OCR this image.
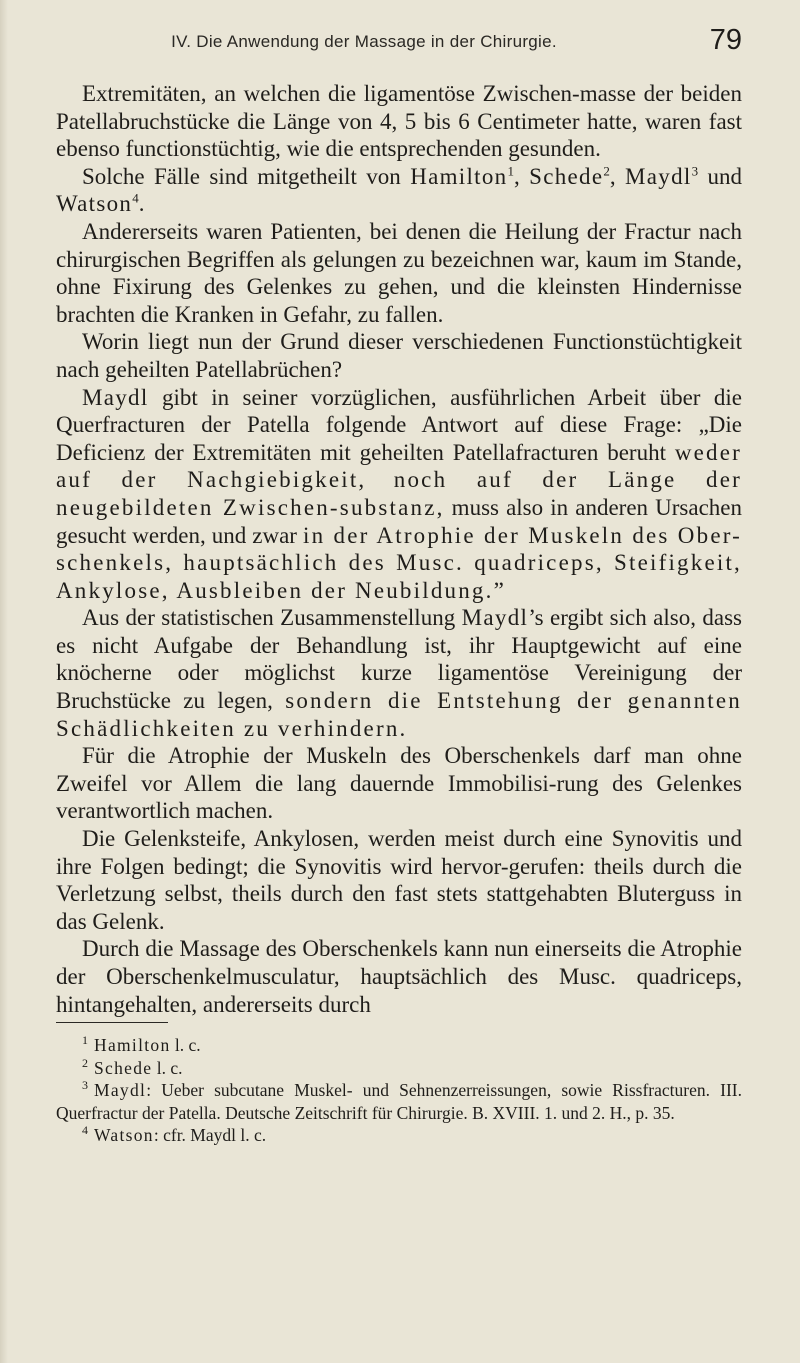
IV. Die Anwendung der Massage in der Chirurgie.	79

Extremitäten, an welchen die ligamentöse Zwischen-masse der beiden Patellabruchstücke die Länge von 4, 5 bis 6 Centimeter hatte, waren fast ebenso functionstüchtig, wie die entsprechenden gesunden.

Solche Fälle sind mitgetheilt von Hamilton$^1$, Schede$^2$, Maydl$^3$ und Watson$^4$.

Andererseits waren Patienten, bei denen die Heilung der Fractur nach chirurgischen Begriffen als gelungen zu bezeichnen war, kaum im Stande, ohne Fixirung des Gelenkes zu gehen, und die kleinsten Hindernisse brachten die Kranken in Gefahr, zu fallen.

Worin liegt nun der Grund dieser verschiedenen Functionstüchtigkeit nach geheilten Patellabrüchen?

Maydl gibt in seiner vorzüglichen, ausführlichen Arbeit über die Querfracturen der Patella folgende Antwort auf diese Frage: „Die Deficienz der Extremitäten mit geheilten Patellafracturen beruht weder auf der Nachgiebigkeit, noch auf der Länge der neugebildeten Zwischen-substanz, muss also in anderen Ursachen gesucht werden, und zwar in der Atrophie der Muskeln des Ober-schenkels, hauptsächlich des Musc. quadriceps, Steifigkeit, Ankylose, Ausbleiben der Neubildung.”

Aus der statistischen Zusammenstellung Maydl’s ergibt sich also, dass es nicht Aufgabe der Behandlung ist, ihr Hauptgewicht auf eine knöcherne oder möglichst kurze ligamentöse Vereinigung der Bruchstücke zu legen, sondern die Entstehung der genannten Schädlichkeiten zu verhindern.

Für die Atrophie der Muskeln des Oberschenkels darf man ohne Zweifel vor Allem die lang dauernde Immobilisi-rung des Gelenkes verantwortlich machen.

Die Gelenksteife, Ankylosen, werden meist durch eine Synovitis und ihre Folgen bedingt; die Synovitis wird hervor-gerufen: theils durch die Verletzung selbst, theils durch den fast stets stattgehabten Bluterguss in das Gelenk.

Durch die Massage des Oberschenkels kann nun einerseits die Atrophie der Oberschenkelmusculatur, hauptsächlich des Musc. quadriceps, hintangehalten, andererseits durch

$^1$ Hamilton l. c.

$^2$ Schede l. c.

$^3$ Maydl: Ueber subcutane Muskel- und Sehnenzerreissungen, sowie Rissfracturen. III. Querfractur der Patella. Deutsche Zeitschrift für Chirurgie. B. XVIII. 1. und 2. H., p. 35.

$^4$ Watson: cfr. Maydl l. c.
